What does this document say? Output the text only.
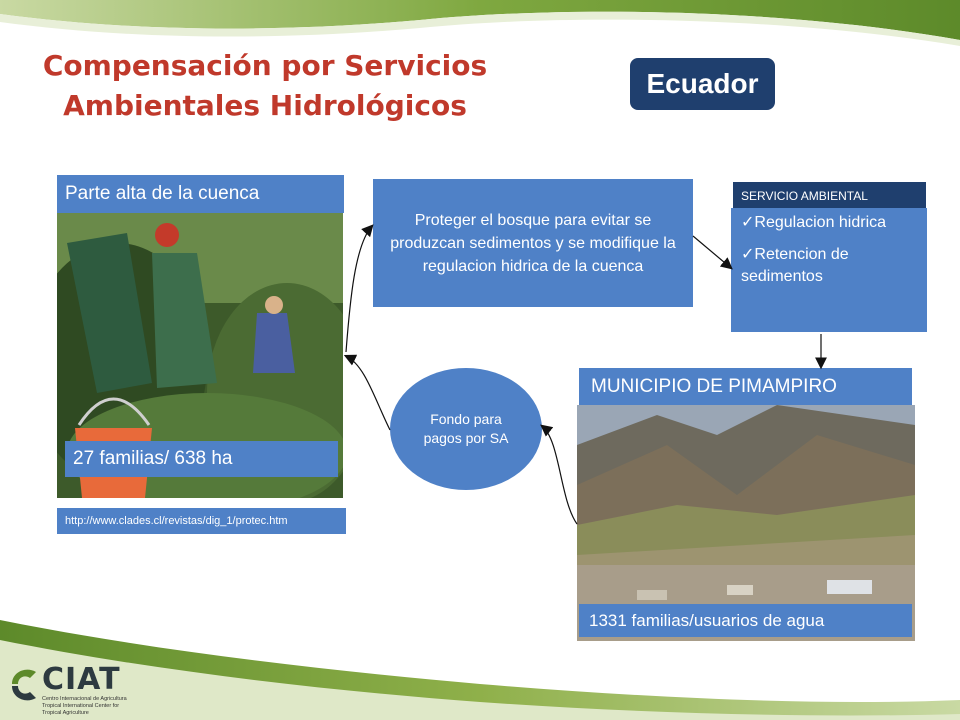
Compensación por Servicios
Ambientales Hidrológicos
Ecuador
Parte alta de la cuenca
27 familias/ 638 ha
http://www.clades.cl/revistas/dig_1/protec.htm
Proteger el bosque para evitar se produzcan sedimentos y se modifique la regulacion hidrica de la cuenca
SERVICIO AMBIENTAL
✓Regulacion hidrica
✓Retencion de sedimentos
Fondo para pagos por SA
MUNICIPIO DE PIMAMPIRO
1331 familias/usuarios de agua
CIAT
Centro Internacional de Agricultura Tropical International Center for Tropical Agriculture
